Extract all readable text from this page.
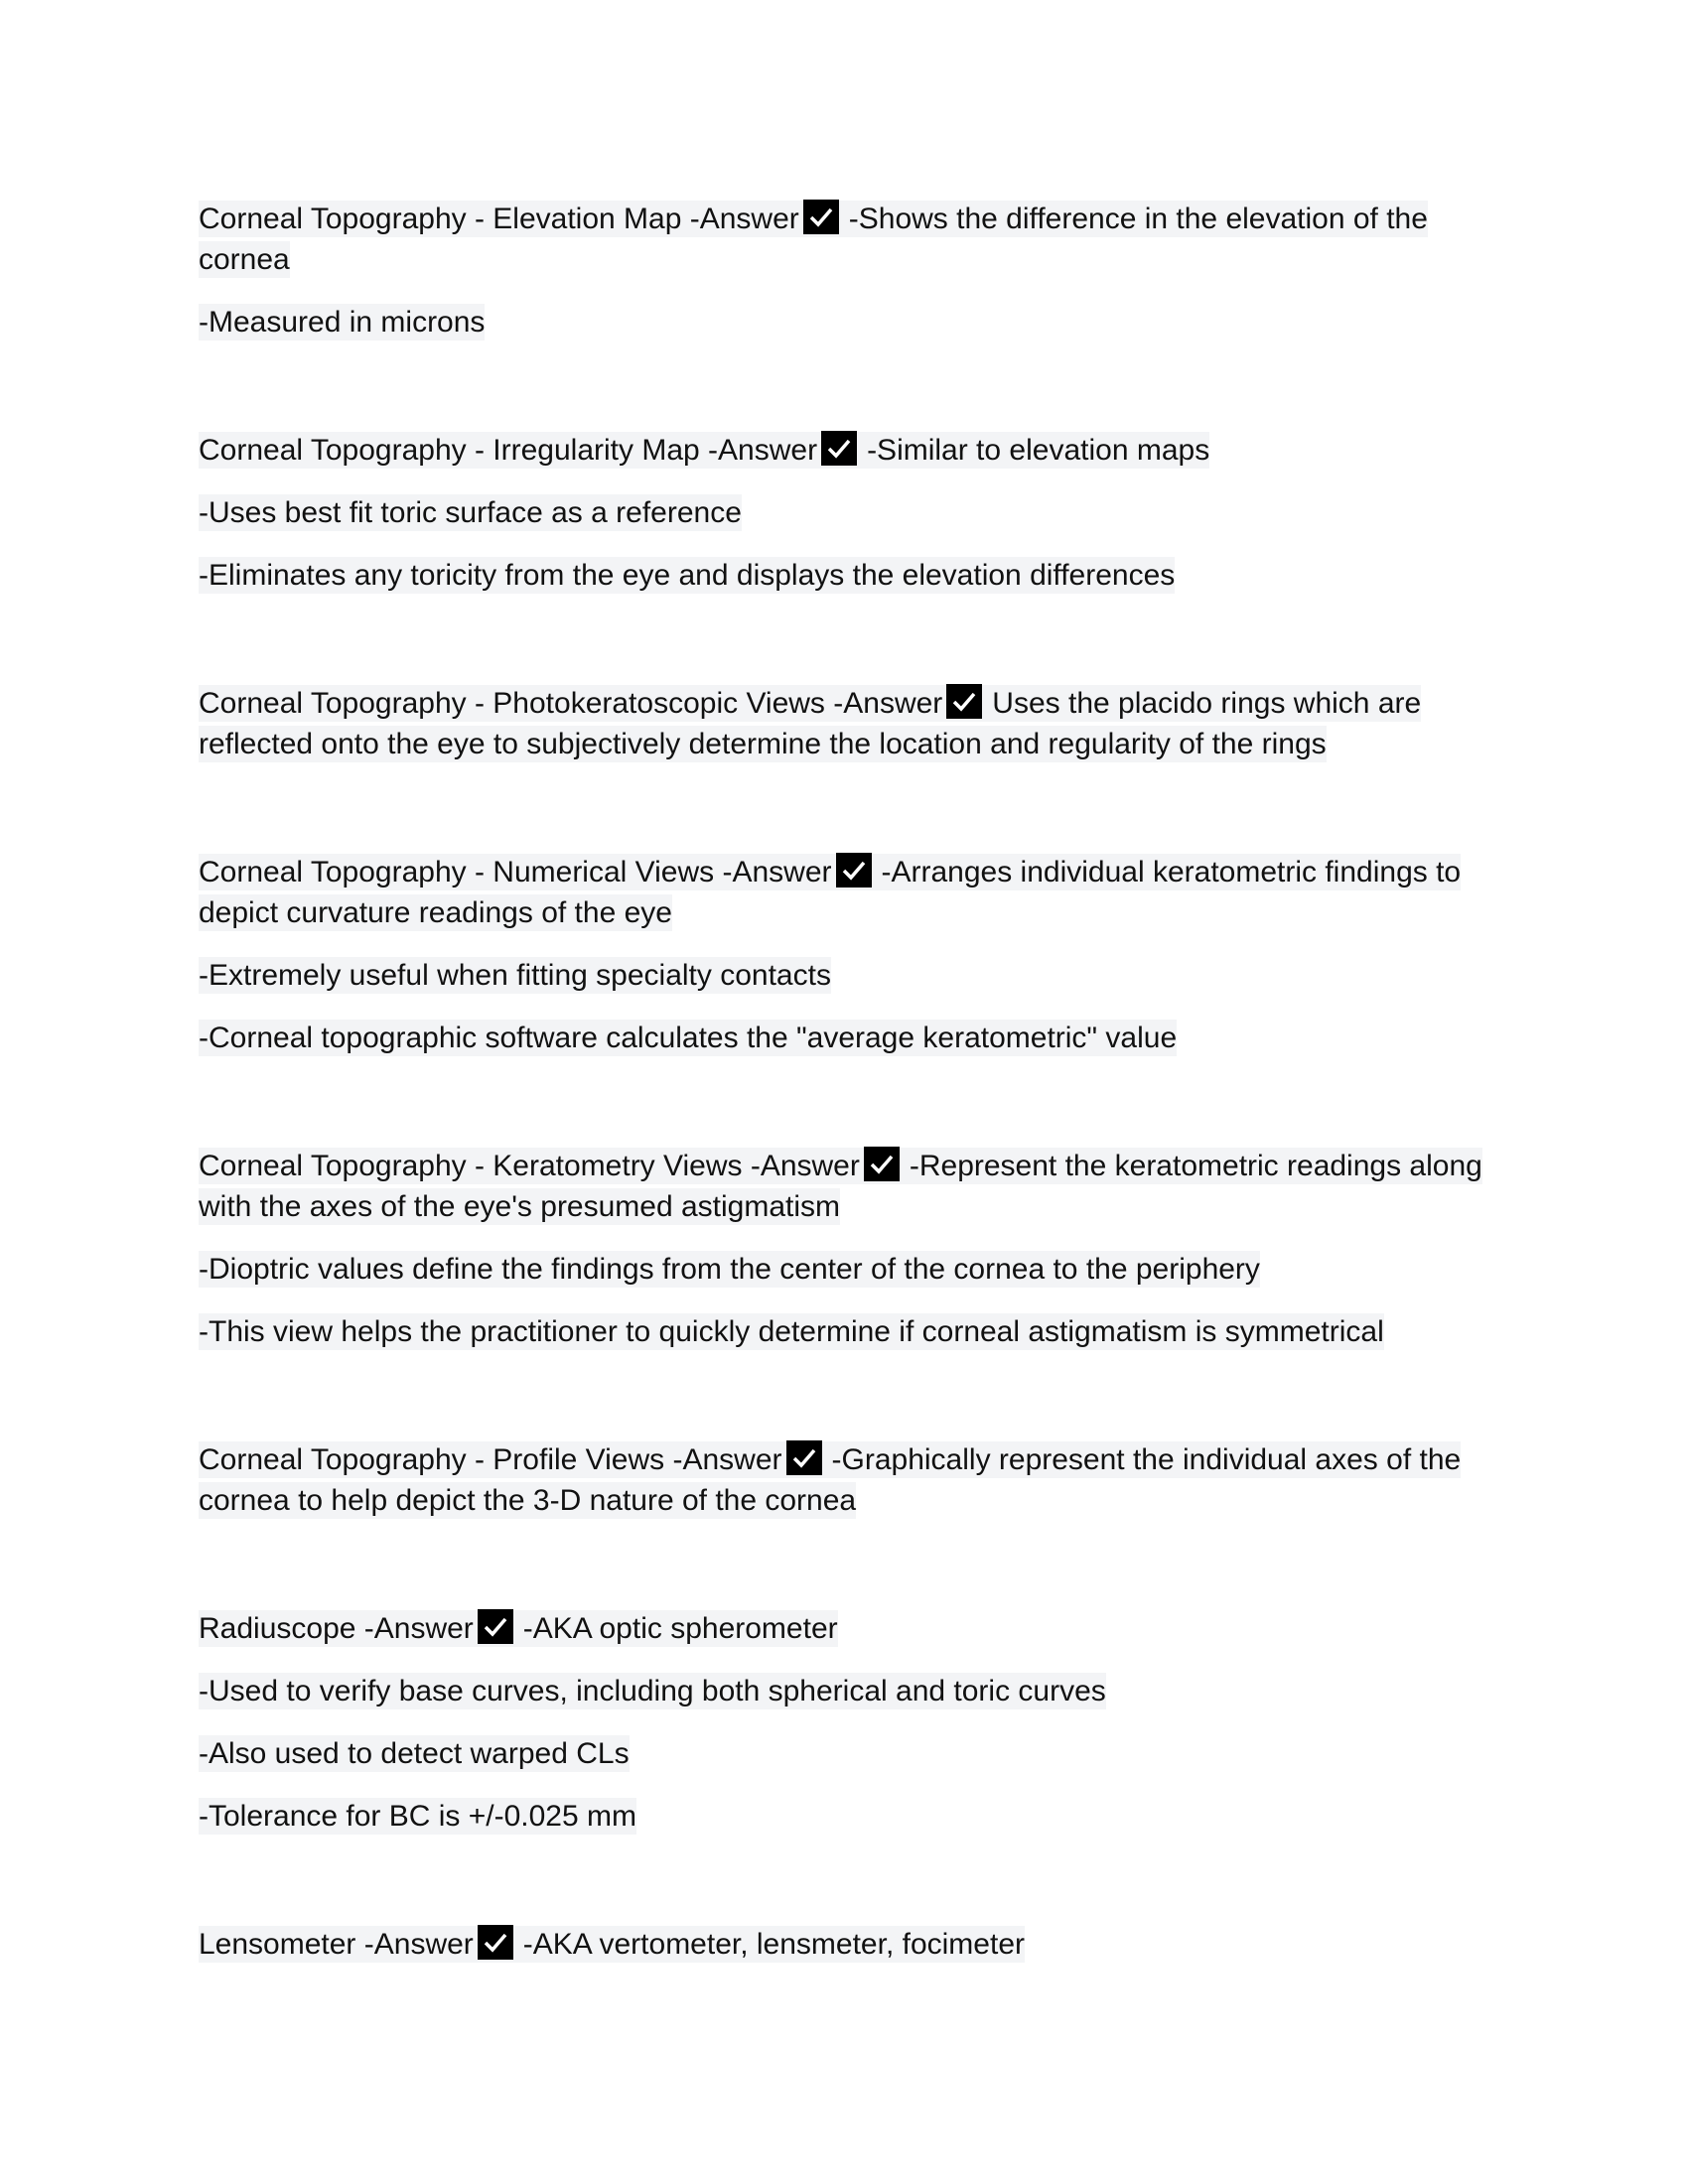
Corneal Topography - Elevation Map -Answer -Shows the difference in the elevation of the cornea

-Measured in microns

Corneal Topography - Irregularity Map -Answer -Similar to elevation maps

-Uses best fit toric surface as a reference

-Eliminates any toricity from the eye and displays the elevation differences

Corneal Topography - Photokeratoscopic Views -Answer Uses the placido rings which are reflected onto the eye to subjectively determine the location and regularity of the rings

Corneal Topography - Numerical Views -Answer -Arranges individual keratometric findings to depict curvature readings of the eye

-Extremely useful when fitting specialty contacts

-Corneal topographic software calculates the "average keratometric" value

Corneal Topography - Keratometry Views -Answer -Represent the keratometric readings along with the axes of the eye's presumed astigmatism

-Dioptric values define the findings from the center of the cornea to the periphery

-This view helps the practitioner to quickly determine if corneal astigmatism is symmetrical

Corneal Topography - Profile Views -Answer -Graphically represent the individual axes of the cornea to help depict the 3-D nature of the cornea

Radiuscope -Answer -AKA optic spherometer

-Used to verify base curves, including both spherical and toric curves

-Also used to detect warped CLs

-Tolerance for BC is +/-0.025 mm

Lensometer -Answer -AKA vertometer, lensmeter, focimeter
